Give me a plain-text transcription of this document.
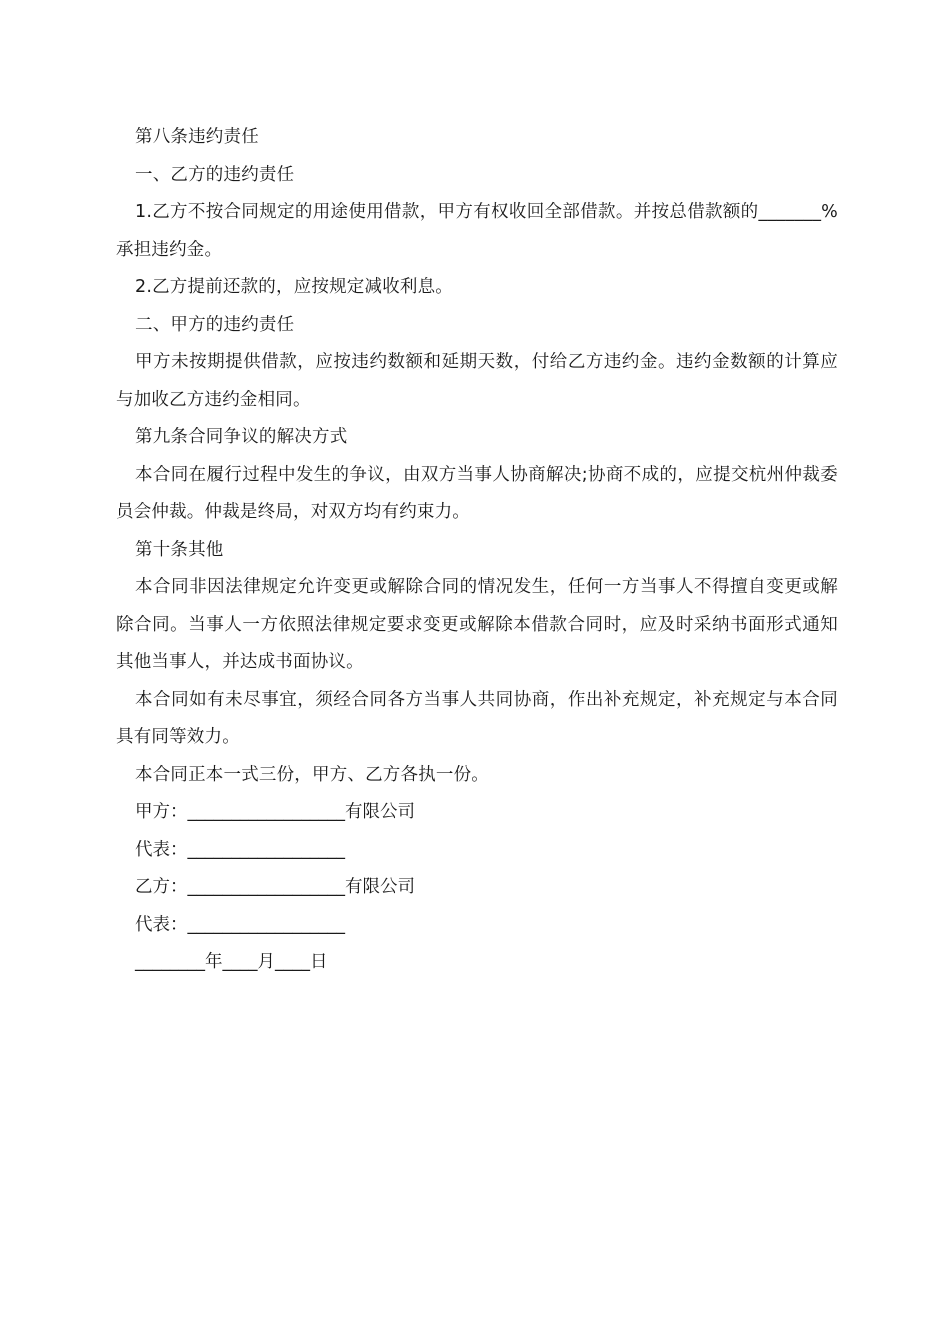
第八条违约责任

一、乙方的违约责任

1.乙方不按合同规定的用途使用借款，甲方有权收回全部借款。并按总借款额的_______%承担违约金。

2.乙方提前还款的，应按规定减收利息。

二、甲方的违约责任

甲方未按期提供借款，应按违约数额和延期天数，付给乙方违约金。违约金数额的计算应与加收乙方违约金相同。

第九条合同争议的解决方式

本合同在履行过程中发生的争议，由双方当事人协商解决;协商不成的，应提交杭州仲裁委员会仲裁。仲裁是终局，对双方均有约束力。

第十条其他

本合同非因法律规定允许变更或解除合同的情况发生，任何一方当事人不得擅自变更或解除合同。当事人一方依照法律规定要求变更或解除本借款合同时，应及时采纳书面形式通知其他当事人，并达成书面协议。

本合同如有未尽事宜，须经合同各方当事人共同协商，作出补充规定，补充规定与本合同具有同等效力。

本合同正本一式三份，甲方、乙方各执一份。

甲方：__________________有限公司

代表：__________________

乙方：__________________有限公司

代表：__________________

________年____月____日
